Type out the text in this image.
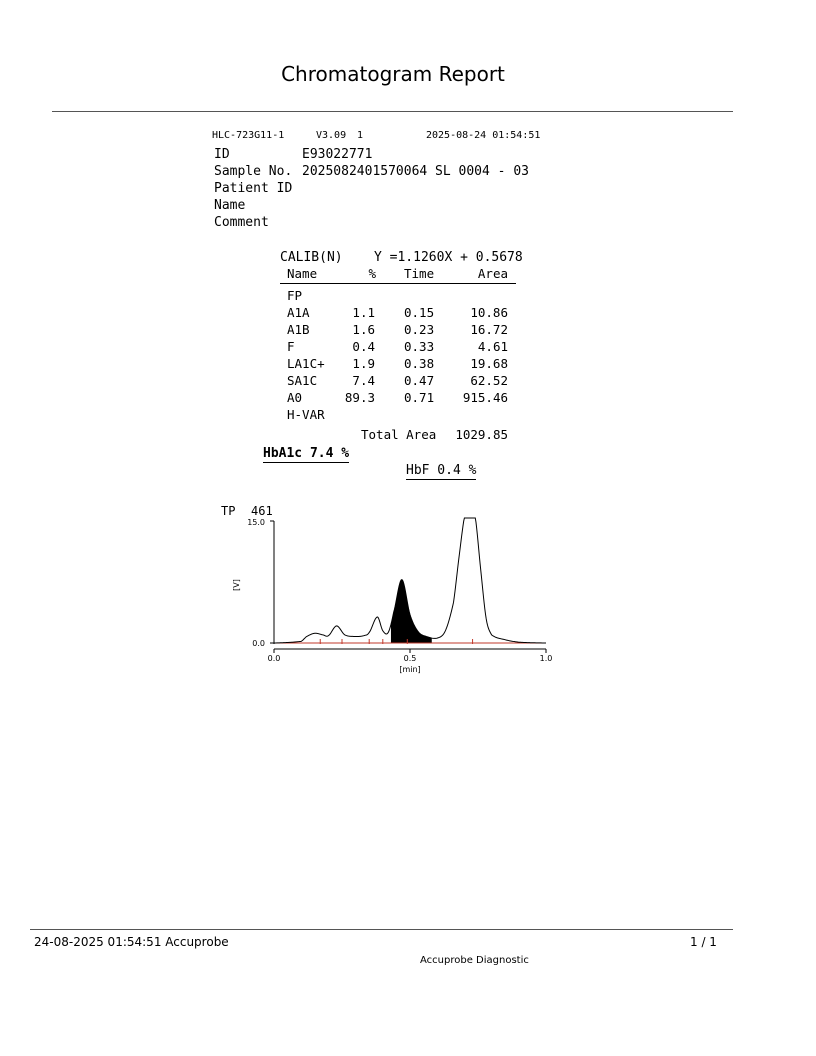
Chromatogram Report
HLC-723G11-1	V3.09 1	2025-08-24 01:54:51
ID	E93022771
Sample No. 2025082401570064 SL 0004 - 03
Patient ID
Name
Comment
CALIB(N) Y =1.1260X + 0.5678
Name	% Time	Area
FP
A1A	1.1 0.15	10.86
A1B	1.6 0.23	16.72
F	0.4 0.33	4.61
LA1C+ 1.9 0.38	19.68
SA1C	7.4 0.47	62.52
A0	89.3 0.71 915.46
H-VAR
Total Area 1029.85
HbA1c 7.4 %
HbF 0.4 %
TP 461
15.0
0.0
[V]
0.0	0.5	1.0
[min]
24-08-2025 01:54:51 Accuprobe	1 / 1
Accuprobe Diagnostic
